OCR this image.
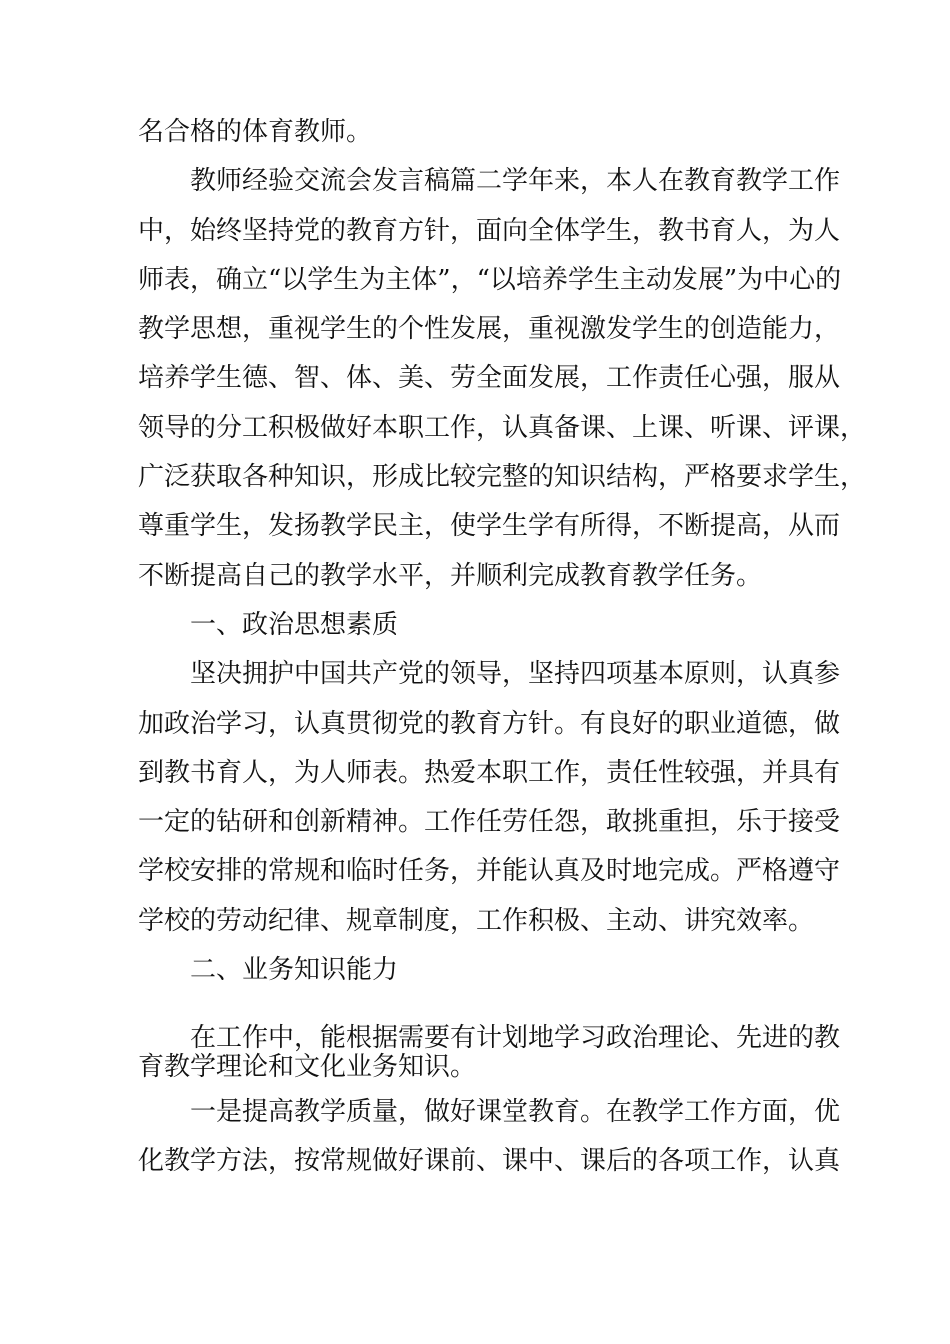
名合格的体育教师。
教师经验交流会发言稿篇二学年来，本人在教育教学工作
中，始终坚持党的教育方针，面向全体学生，教书育人，为人
师表，确立“以学生为主体”，“以培养学生主动发展”为中心的
教学思想，重视学生的个性发展，重视激发学生的创造能力，
培养学生德、智、体、美、劳全面发展，工作责任心强，服从
领导的分工积极做好本职工作，认真备课、上课、听课、评课，
广泛获取各种知识，形成比较完整的知识结构，严格要求学生，
尊重学生，发扬教学民主，使学生学有所得，不断提高，从而
不断提高自己的教学水平，并顺利完成教育教学任务。
一、政治思想素质
坚决拥护中国共产党的领导，坚持四项基本原则，认真参
加政治学习，认真贯彻党的教育方针。有良好的职业道德，做
到教书育人，为人师表。热爱本职工作，责任性较强，并具有
一定的钻研和创新精神。工作任劳任怨，敢挑重担，乐于接受
学校安排的常规和临时任务，并能认真及时地完成。严格遵守
学校的劳动纪律、规章制度，工作积极、主动、讲究效率。
二、业务知识能力
在工作中，能根据需要有计划地学习政治理论、先进的教
育教学理论和文化业务知识。
一是提高教学质量，做好课堂教育。在教学工作方面，优
化教学方法，按常规做好课前、课中、课后的各项工作，认真
